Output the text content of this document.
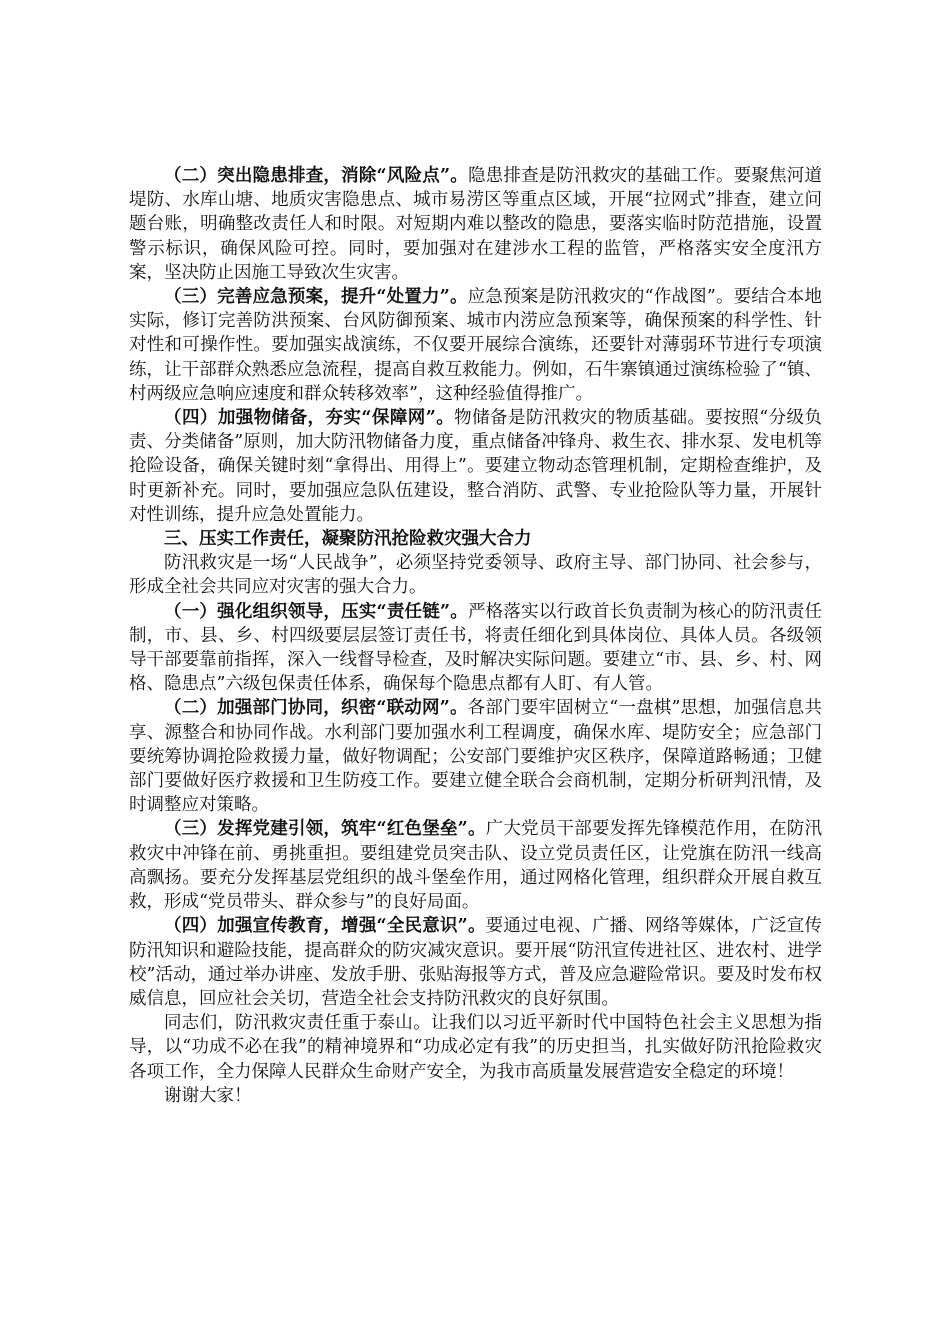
（二）突出隐患排查，消除“风险点”。隐患排查是防汛救灾的基础工作。要聚焦河道堤防、水库山塘、地质灾害隐患点、城市易涝区等重点区域，开展“拉网式”排查，建立问题台账，明确整改责任人和时限。对短期内难以整改的隐患，要落实临时防范措施，设置警示标识，确保风险可控。同时，要加强对在建涉水工程的监管，严格落实安全度汛方案，坚决防止因施工导致次生灾害。

（三）完善应急预案，提升“处置力”。应急预案是防汛救灾的“作战图”。要结合本地实际，修订完善防洪预案、台风防御预案、城市内涝应急预案等，确保预案的科学性、针对性和可操作性。要加强实战演练，不仅要开展综合演练，还要针对薄弱环节进行专项演练，让干部群众熟悉应急流程，提高自救互救能力。例如，石牛寨镇通过演练检验了“镇、村两级应急响应速度和群众转移效率”，这种经验值得推广。

（四）加强物储备，夯实“保障网”。物储备是防汛救灾的物质基础。要按照“分级负责、分类储备”原则，加大防汛物储备力度，重点储备冲锋舟、救生衣、排水泵、发电机等抢险设备，确保关键时刻“拿得出、用得上”。要建立物动态管理机制，定期检查维护，及时更新补充。同时，要加强应急队伍建设，整合消防、武警、专业抢险队等力量，开展针对性训练，提升应急处置能力。

三、压实工作责任，凝聚防汛抢险救灾强大合力

防汛救灾是一场“人民战争”，必须坚持党委领导、政府主导、部门协同、社会参与，形成全社会共同应对灾害的强大合力。

（一）强化组织领导，压实“责任链”。严格落实以行政首长负责制为核心的防汛责任制，市、县、乡、村四级要层层签订责任书，将责任细化到具体岗位、具体人员。各级领导干部要靠前指挥，深入一线督导检查，及时解决实际问题。要建立“市、县、乡、村、网格、隐患点”六级包保责任体系，确保每个隐患点都有人盯、有人管。

（二）加强部门协同，织密“联动网”。各部门要牢固树立“一盘棋”思想，加强信息共享、源整合和协同作战。水利部门要加强水利工程调度，确保水库、堤防安全；应急部门要统筹协调抢险救援力量，做好物调配；公安部门要维护灾区秩序，保障道路畅通；卫健部门要做好医疗救援和卫生防疫工作。要建立健全联合会商机制，定期分析研判汛情，及时调整应对策略。

（三）发挥党建引领，筑牢“红色堡垒”。广大党员干部要发挥先锋模范作用，在防汛救灾中冲锋在前、勇挑重担。要组建党员突击队、设立党员责任区，让党旗在防汛一线高高飘扬。要充分发挥基层党组织的战斗堡垒作用，通过网格化管理，组织群众开展自救互救，形成“党员带头、群众参与”的良好局面。

（四）加强宣传教育，增强“全民意识”。要通过电视、广播、网络等媒体，广泛宣传防汛知识和避险技能，提高群众的防灾减灾意识。要开展“防汛宣传进社区、进农村、进学校”活动，通过举办讲座、发放手册、张贴海报等方式，普及应急避险常识。要及时发布权威信息，回应社会关切，营造全社会支持防汛救灾的良好氛围。

同志们，防汛救灾责任重于泰山。让我们以习近平新时代中国特色社会主义思想为指导，以“功成不必在我”的精神境界和“功成必定有我”的历史担当，扎实做好防汛抢险救灾各项工作，全力保障人民群众生命财产安全，为我市高质量发展营造安全稳定的环境！

谢谢大家！
